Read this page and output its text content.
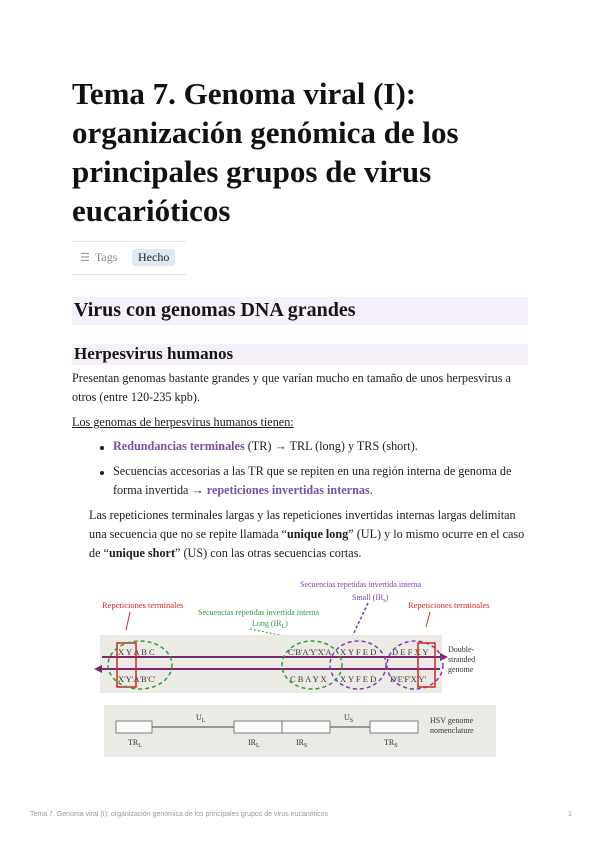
Tema 7. Genoma viral (I): organización genómica de los principales grupos de virus eucarióticos
☰ Tags	Hecho
Virus con genomas DNA grandes
Herpesvirus humanos
Presentan genomas bastante grandes y que varían mucho en tamaño de unos herpesvirus a
otros (entre 120-235 kpb).
Los genomas de herpesvirus humanos tienen:
Redundancias terminales (TR) → TRL (long) y TRS (short).
Secuencias accesorias a las TR que se repiten en una región interna de genoma de
forma invertida → repeticiones invertidas internas.
Las repeticiones terminales largas y las repeticiones invertidas internas largas delimitan
una secuencia que no se repite llamada “unique long” (UL) y lo mismo ocurre en el caso
de “unique short” (US) con las otras secuencias cortas.
Repeticiones terminales
Secuencias repetidas invertida interna
Small $(IR_s)$
Secuencias repetidas invertida interna
Long $(IR_L)$
Repeticiones terminales
X Y A B C
X'Y'A'B'C'
C'B'A'Y'X'A
C B A Y X
X Y F E D
X Y F E D
D E F X Y
D'E'F'X'Y'
Double-
stranded
genome
$U_L$	$U_S$
$TR_L$	$IR_L$	$IR_S$	$TR_S$
HSV genome
nomenclature
Tema 7. Genoma viral (I): organización genómica de los principales grupos de virus eucarióticos	1
